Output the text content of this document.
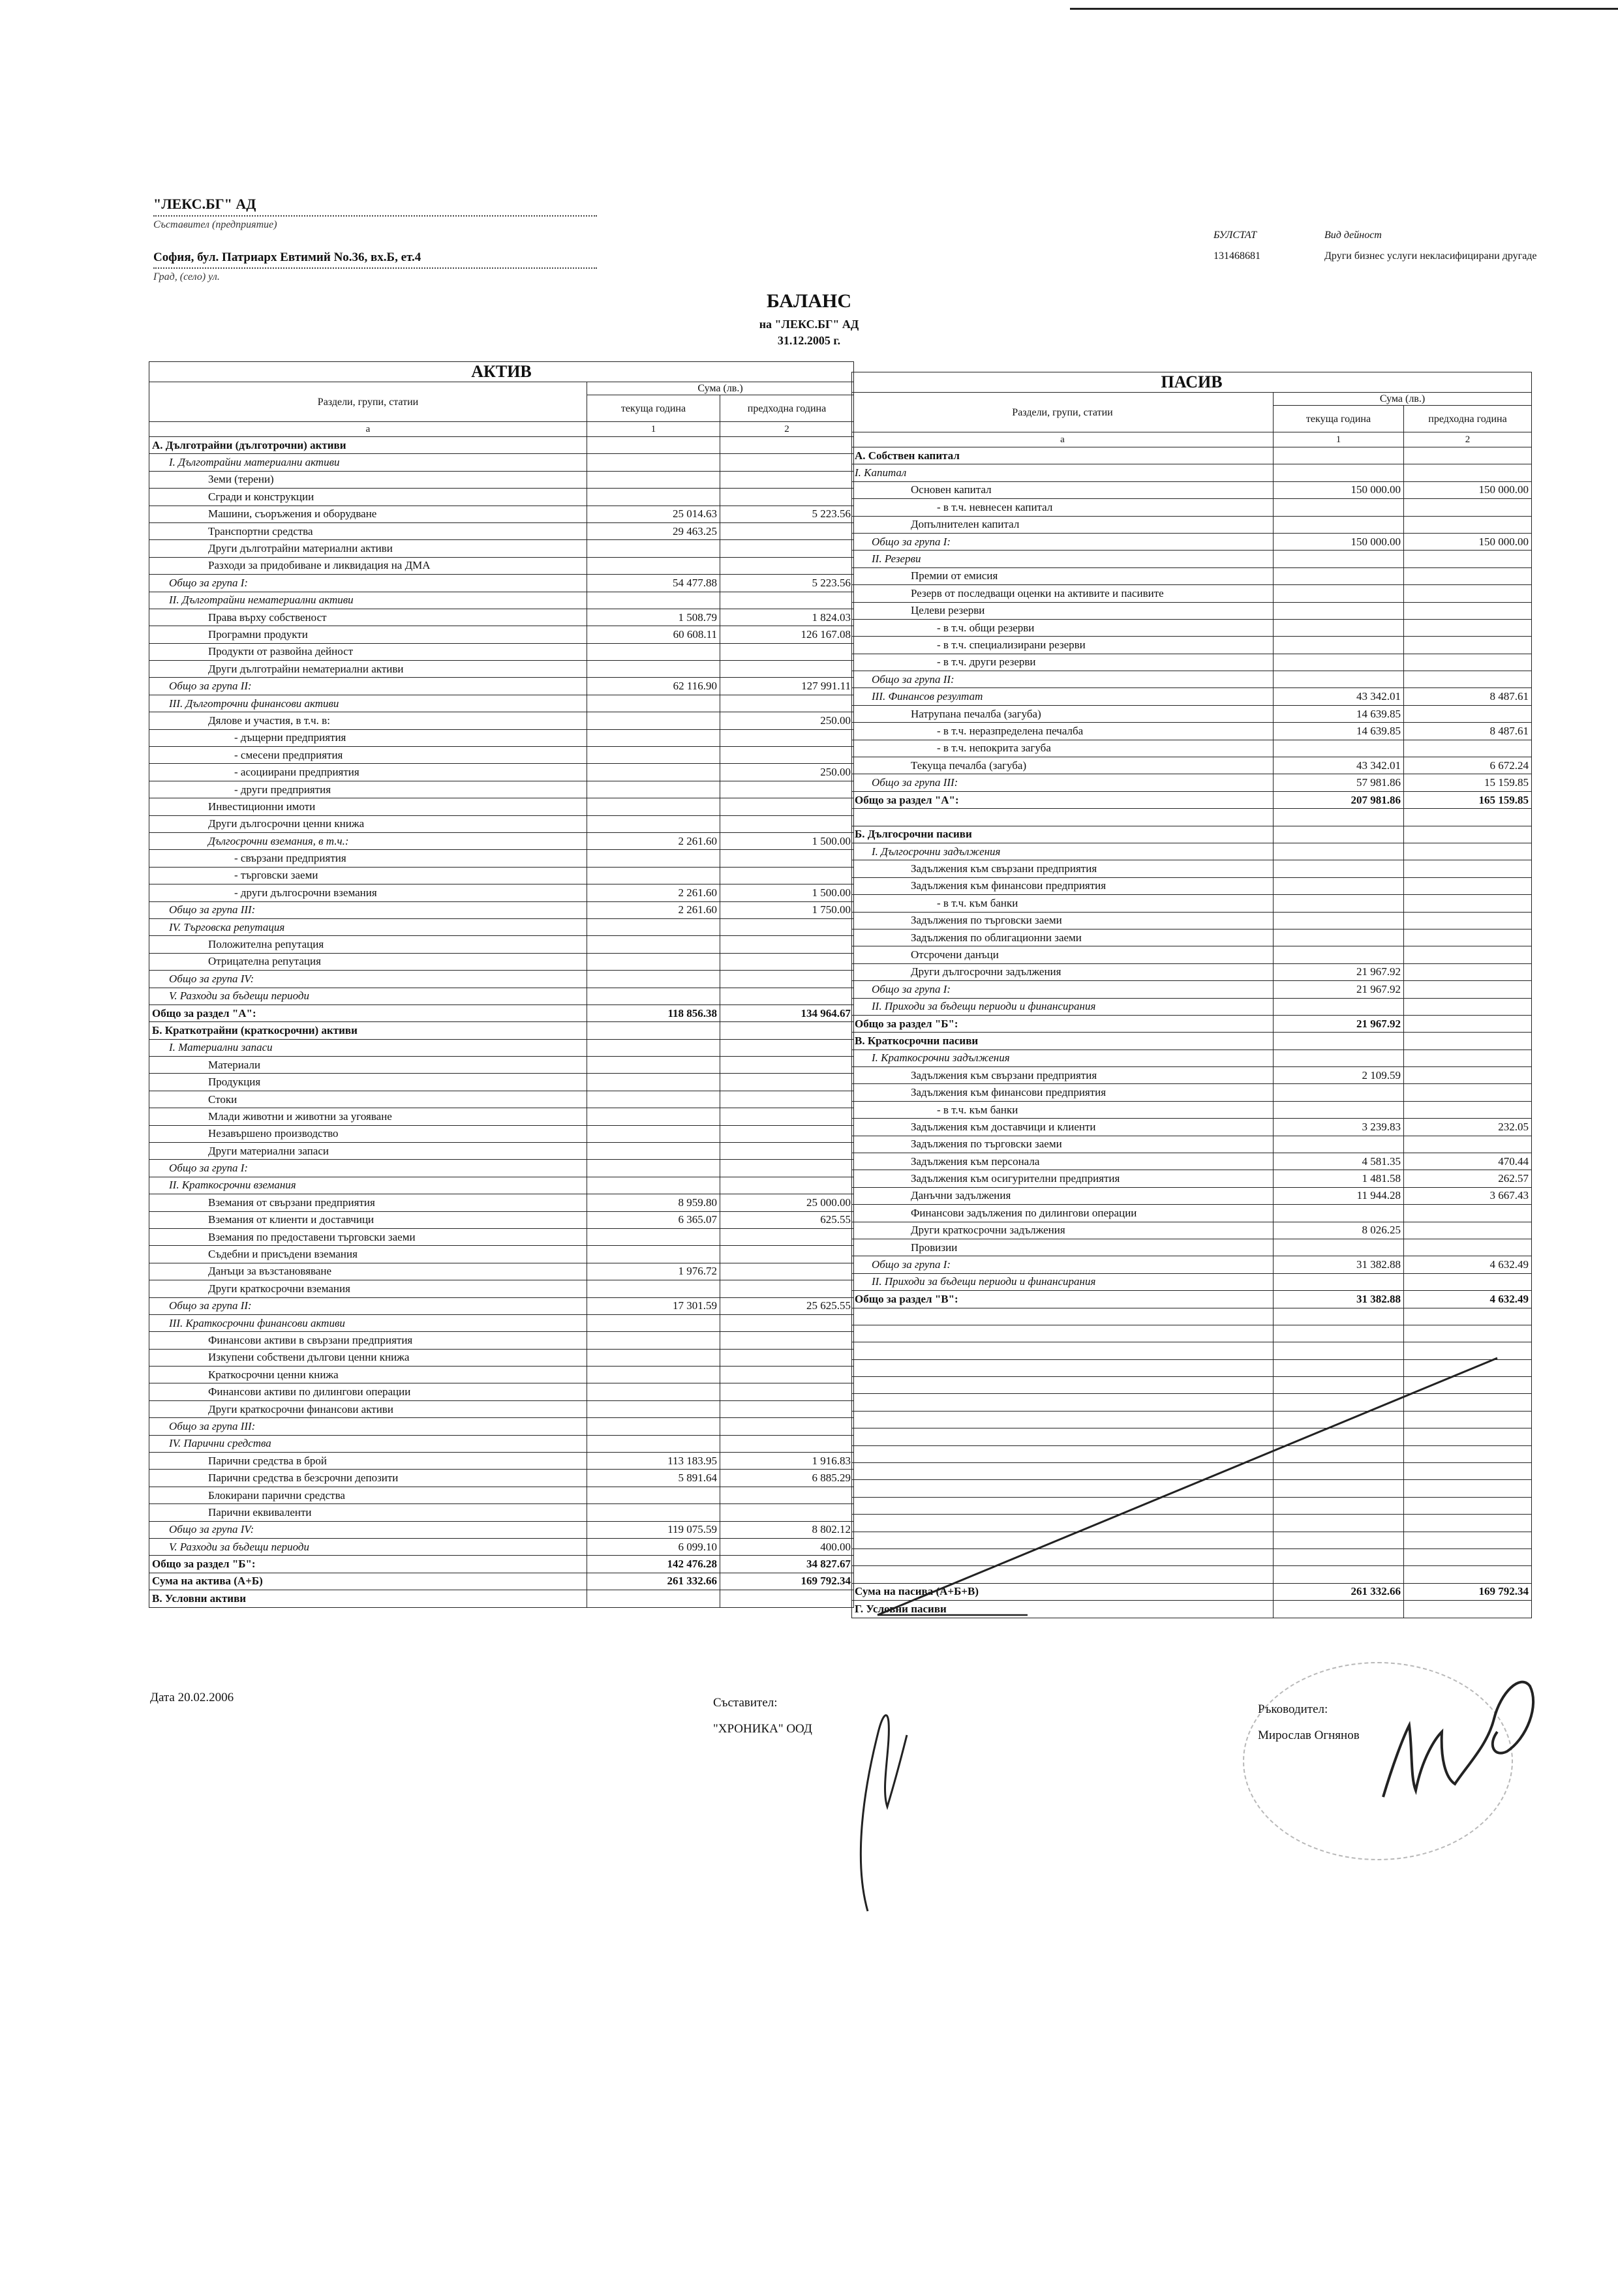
"ЛЕКС.БГ" АД
Съставител (предприятие)
София, бул. Патриарх Евтимий No.36, вх.Б, ет.4
Град, (село) ул.
БУЛСТАТ	Вид дейност
131468681	Други бизнес услуги некласифицирани другаде
БАЛАНС
на "ЛЕКС.БГ" АД
31.12.2005 г.
АКТИВ		
Раздели, групи, статии	Сума (лв.)	
	текуща година	предходна година
а	1	2
А. Дълготрайни (дълготрочни) активи		
I. Дълготрайни материални активи		
Земи (терени)		
Сгради и конструкции		
Машини, съоръжения и оборудване	25 014.63	5 223.56
Транспортни средства	29 463.25	
Други дълготрайни материални активи		
Разходи за придобиване и ликвидация на ДМА		
Общо за група I:	54 477.88	5 223.56
II. Дълготрайни нематериални активи		
Права върху собственост	1 508.79	1 824.03
Програмни продукти	60 608.11	126 167.08
Продукти от развойна дейност		
Други дълготрайни нематериални активи		
Общо за група II:	62 116.90	127 991.11
III. Дълготрочни финансови активи		
Дялове и участия, в т.ч. в:		250.00
- дъщерни предприятия		
- смесени предприятия		
- асоциирани предприятия		250.00
- други предприятия		
Инвестиционни имоти		
Други дългосрочни ценни книжа		
Дългосрочни вземания, в т.ч.:	2 261.60	1 500.00
- свързани предприятия		
- търговски заеми		
- други дългосрочни вземания	2 261.60	1 500.00
Общо за група III:	2 261.60	1 750.00
IV. Търговска репутация		
Положителна репутация		
Отрицателна репутация		
Общо за група IV:		
V. Разходи за бъдещи периоди		
Общо за раздел "А":	118 856.38	134 964.67
Б. Краткотрайни (краткосрочни) активи		
I. Материални запаси		
Материали		
Продукция		
Стоки		
Млади животни и животни за угояване		
Незавършено производство		
Други материални запаси		
Общо за група I:		
II. Краткосрочни вземания		
Вземания от свързани предприятия	8 959.80	25 000.00
Вземания от клиенти и доставчици	6 365.07	625.55
Вземания по предоставени търговски заеми		
Съдебни и присъдени вземания		
Данъци за възстановяване	1 976.72	
Други краткосрочни вземания		
Общо за група II:	17 301.59	25 625.55
III. Краткосрочни финансови активи		
Финансови активи в свързани предприятия		
Изкупени собствени дългови ценни книжа		
Краткосрочни ценни книжа		
Финансови активи по дилингови операции		
Други краткосрочни финансови активи		
Общо за група III:		
IV. Парични средства		
Парични средства в брой	113 183.95	1 916.83
Парични средства в безсрочни депозити	5 891.64	6 885.29
Блокирани парични средства		
Парични еквиваленти		
Общо за група IV:	119 075.59	8 802.12
V. Разходи за бъдещи периоди	6 099.10	400.00
Общо за раздел "Б":	142 476.28	34 827.67
Сума на актива (А+Б)	261 332.66	169 792.34
В. Условни активи		
ПАСИВ		
Раздели, групи, статии	Сума (лв.)	
	текуща година	предходна година
а	1	2
А. Собствен капитал		
I. Капитал		
Основен капитал	150 000.00	150 000.00
- в т.ч. невнесен капитал		
Допълнителен капитал		
Общо за група I:	150 000.00	150 000.00
II. Резерви		
Премии от емисия		
Резерв от последващи оценки на активите и пасивите		
Целеви резерви		
- в т.ч. общи резерви		
- в т.ч. специализирани резерви		
- в т.ч. други резерви		
Общо за група II:		
III. Финансов резултат	43 342.01	8 487.61
Натрупана печалба (загуба)	14 639.85	
- в т.ч. неразпределена печалба	14 639.85	8 487.61
- в т.ч. непокрита загуба		
Текуща печалба (загуба)	43 342.01	6 672.24
Общо за група III:	57 981.86	15 159.85
Общо за раздел "А":	207 981.86	165 159.85

Б. Дългосрочни пасиви		
I. Дългосрочни задължения		
Задължения към свързани предприятия		
Задължения към финансови предприятия		
- в т.ч. към банки		
Задължения по търговски заеми		
Задължения по облигационни заеми		
Отсрочени данъци		
Други дългосрочни задължения	21 967.92	
Общо за група I:	21 967.92	
II. Приходи за бъдещи периоди и финансирания		
Общо за раздел "Б":	21 967.92	
В. Краткосрочни пасиви		
I. Краткосрочни задължения		
Задължения към свързани предприятия	2 109.59	
Задължения към финансови предприятия		
- в т.ч. към банки		
Задължения към доставчици и клиенти	3 239.83	232.05
Задължения по търговски заеми		
Задължения към персонала	4 581.35	470.44
Задължения към осигурителни предприятия	1 481.58	262.57
Данъчни задължения	11 944.28	3 667.43
Финансови задължения по дилингови операции		
Други краткосрочни задължения	8 026.25	
Провизии		
Общо за група I:	31 382.88	4 632.49
II. Приходи за бъдещи периоди и финансирания		
Общо за раздел "В":	31 382.88	4 632.49

Сума на пасива (А+Б+В)	261 332.66	169 792.34
Г. Условни пасиви		
Дата 20.02.2006	Съставител:
"ХРОНИКА" ООД
Ръководител:
Мирослав Огнянов
